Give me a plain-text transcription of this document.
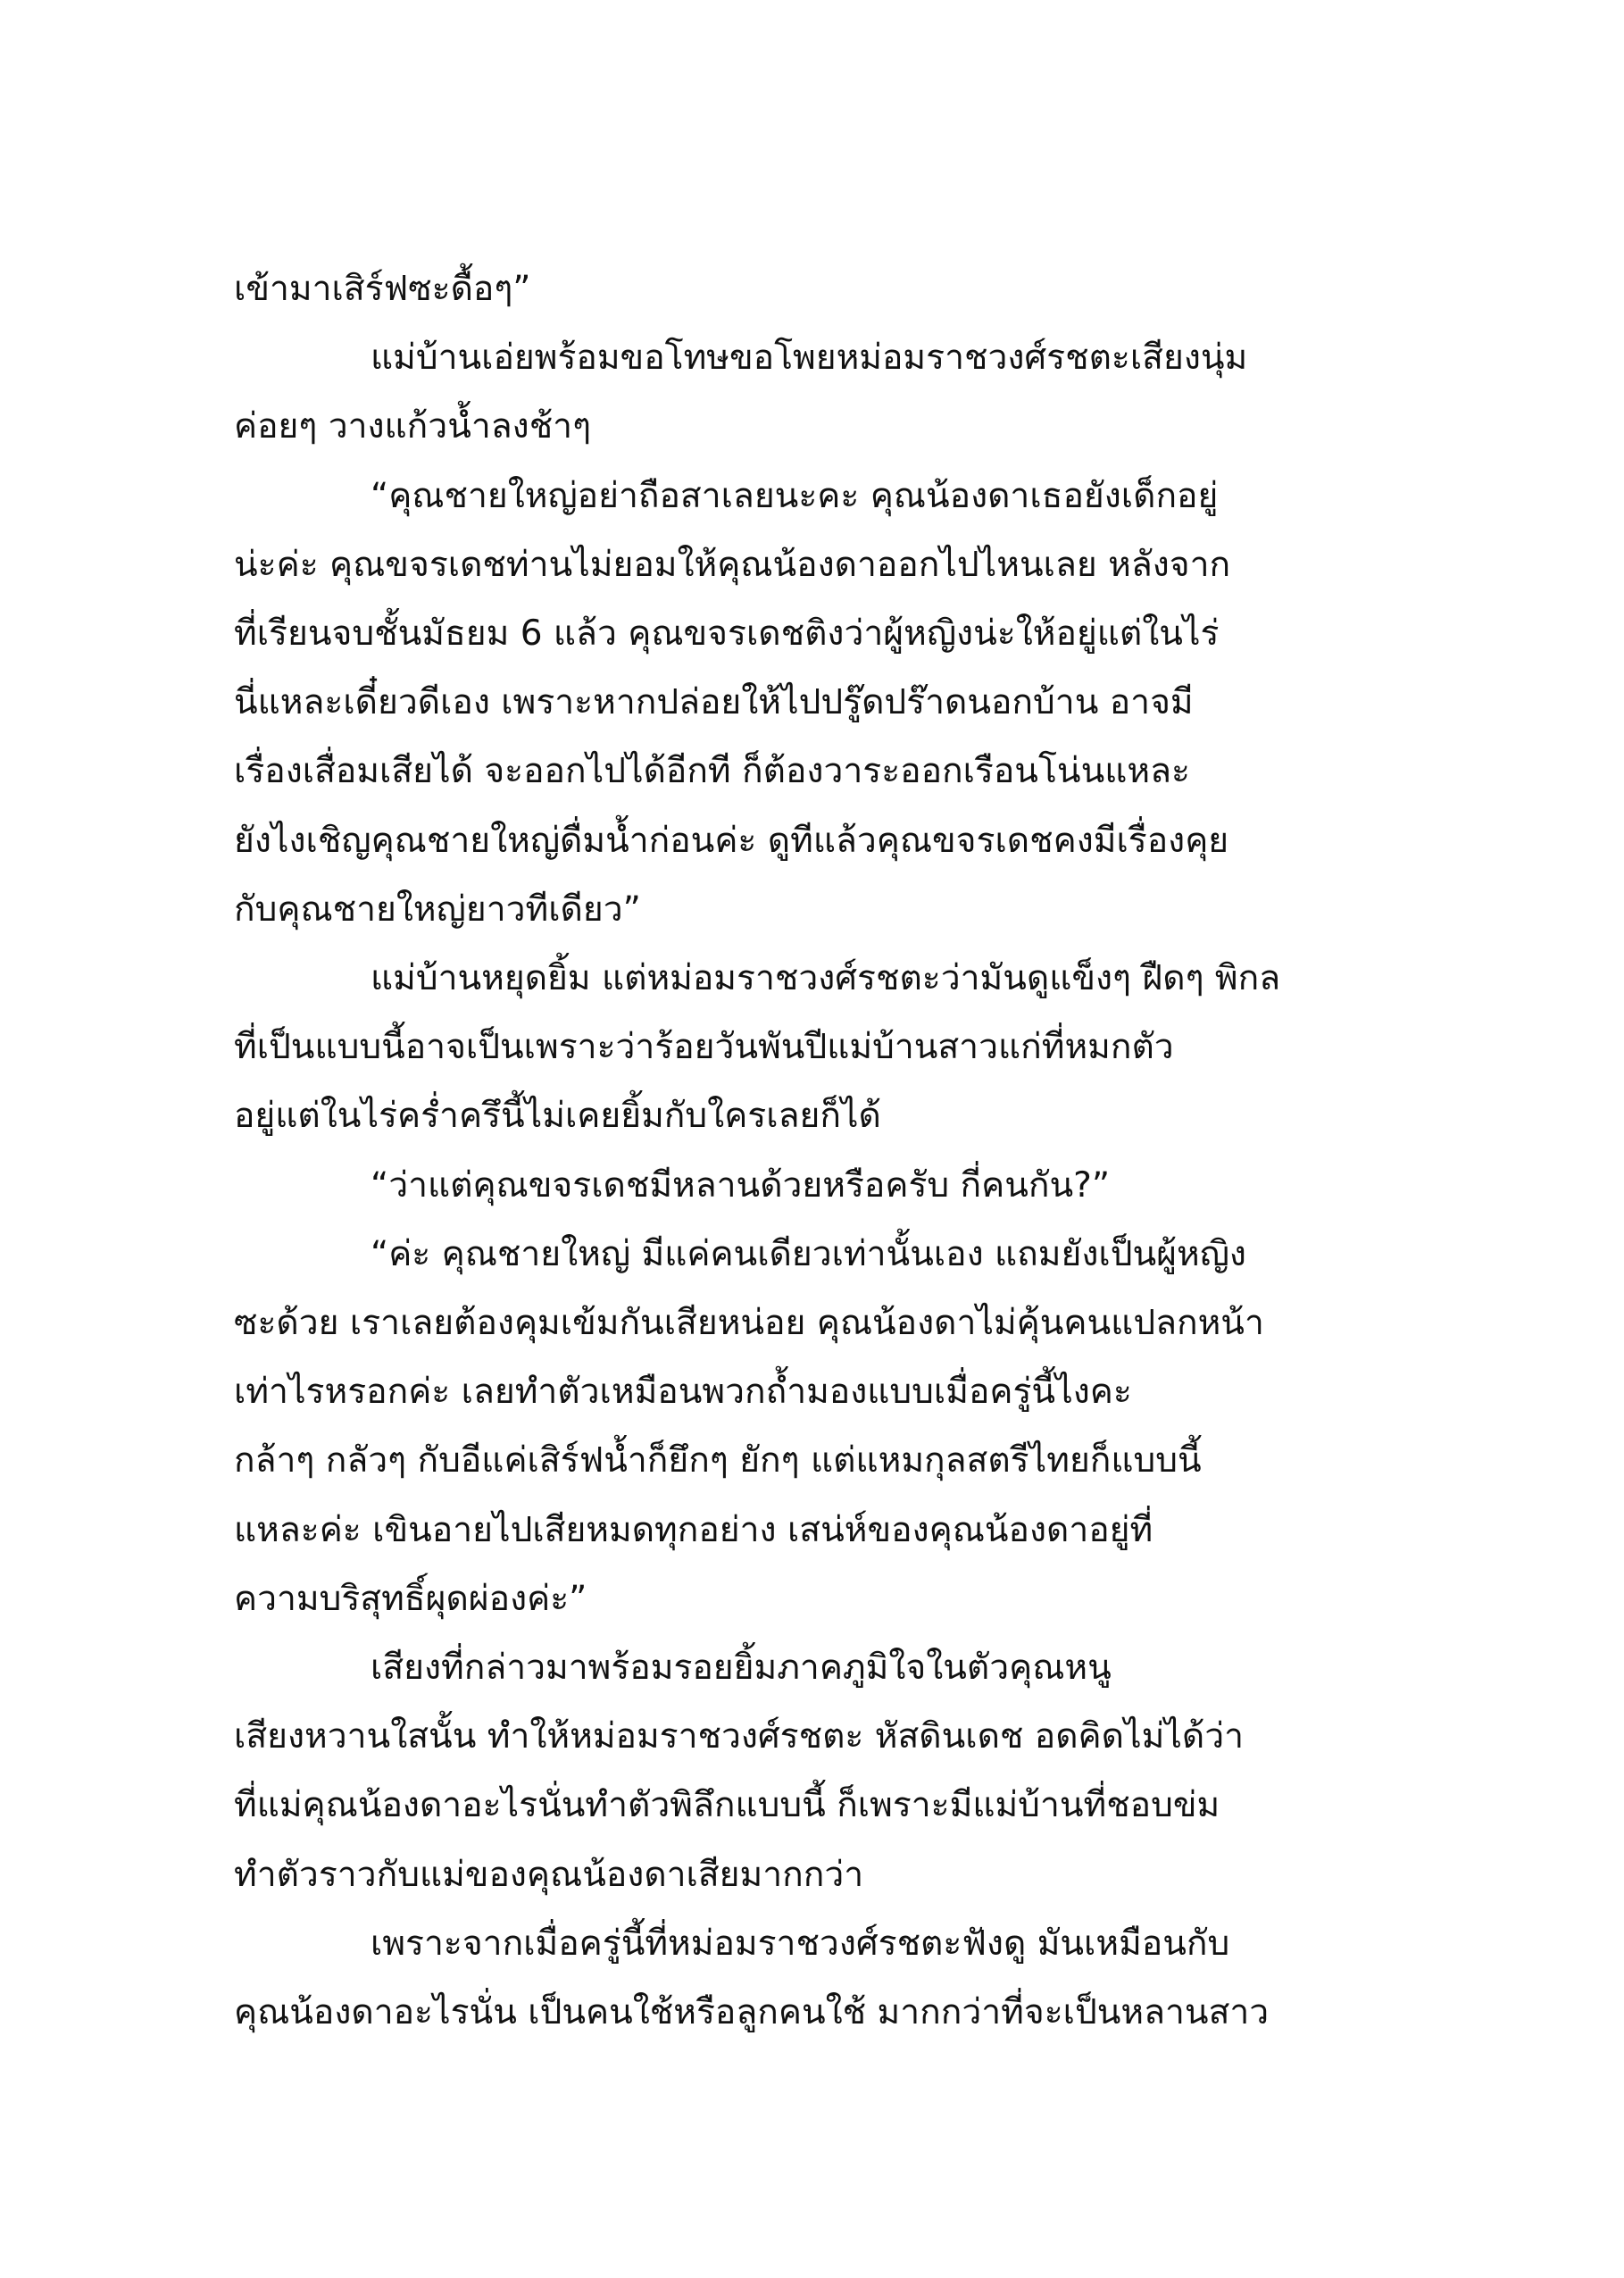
เข้ามาเสิร์ฟซะดื้อๆ”
แม่บ้านเอ่ยพร้อมขอโทษขอโพยหม่อมราชวงศ์รชตะเสียงนุ่ม
ค่อยๆ วางแก้วน้ำลงช้าๆ
“คุณชายใหญ่อย่าถือสาเลยนะคะ คุณน้องดาเธอยังเด็กอยู่
น่ะค่ะ คุณขจรเดชท่านไม่ยอมให้คุณน้องดาออกไปไหนเลย หลังจาก
ที่เรียนจบชั้นมัธยม 6 แล้ว คุณขจรเดชติงว่าผู้หญิงน่ะให้อยู่แต่ในไร่
นี่แหละเดี๋ยวดีเอง เพราะหากปล่อยให้ไปปรู๊ดปร๊าดนอกบ้าน อาจมี
เรื่องเสื่อมเสียได้ จะออกไปได้อีกที ก็ต้องวาระออกเรือนโน่นแหละ
ยังไงเชิญคุณชายใหญ่ดื่มน้ำก่อนค่ะ ดูทีแล้วคุณขจรเดชคงมีเรื่องคุย
กับคุณชายใหญ่ยาวทีเดียว”
แม่บ้านหยุดยิ้ม แต่หม่อมราชวงศ์รชตะว่ามันดูแข็งๆ ฝืดๆ พิกล
ที่เป็นแบบนี้อาจเป็นเพราะว่าร้อยวันพันปีแม่บ้านสาวแก่ที่หมกตัว
อยู่แต่ในไร่คร่ำครึนี้ไม่เคยยิ้มกับใครเลยก็ได้
“ว่าแต่คุณขจรเดชมีหลานด้วยหรือครับ กี่คนกัน?”
“ค่ะ คุณชายใหญ่ มีแค่คนเดียวเท่านั้นเอง แถมยังเป็นผู้หญิง
ซะด้วย เราเลยต้องคุมเข้มกันเสียหน่อย คุณน้องดาไม่คุ้นคนแปลกหน้า
เท่าไรหรอกค่ะ เลยทำตัวเหมือนพวกถ้ำมองแบบเมื่อครู่นี้ไงคะ
กล้าๆ กลัวๆ กับอีแค่เสิร์ฟน้ำก็ยึกๆ ยักๆ แต่แหมกุลสตรีไทยก็แบบนี้
แหละค่ะ เขินอายไปเสียหมดทุกอย่าง เสน่ห์ของคุณน้องดาอยู่ที่
ความบริสุทธิ์ผุดผ่องค่ะ”
เสียงที่กล่าวมาพร้อมรอยยิ้มภาคภูมิใจในตัวคุณหนู
เสียงหวานใสนั้น ทำให้หม่อมราชวงศ์รชตะ หัสดินเดช อดคิดไม่ได้ว่า
ที่แม่คุณน้องดาอะไรนั่นทำตัวพิลึกแบบนี้ ก็เพราะมีแม่บ้านที่ชอบข่ม
ทำตัวราวกับแม่ของคุณน้องดาเสียมากกว่า
เพราะจากเมื่อครู่นี้ที่หม่อมราชวงศ์รชตะฟังดู มันเหมือนกับ
คุณน้องดาอะไรนั่น เป็นคนใช้หรือลูกคนใช้ มากกว่าที่จะเป็นหลานสาว
